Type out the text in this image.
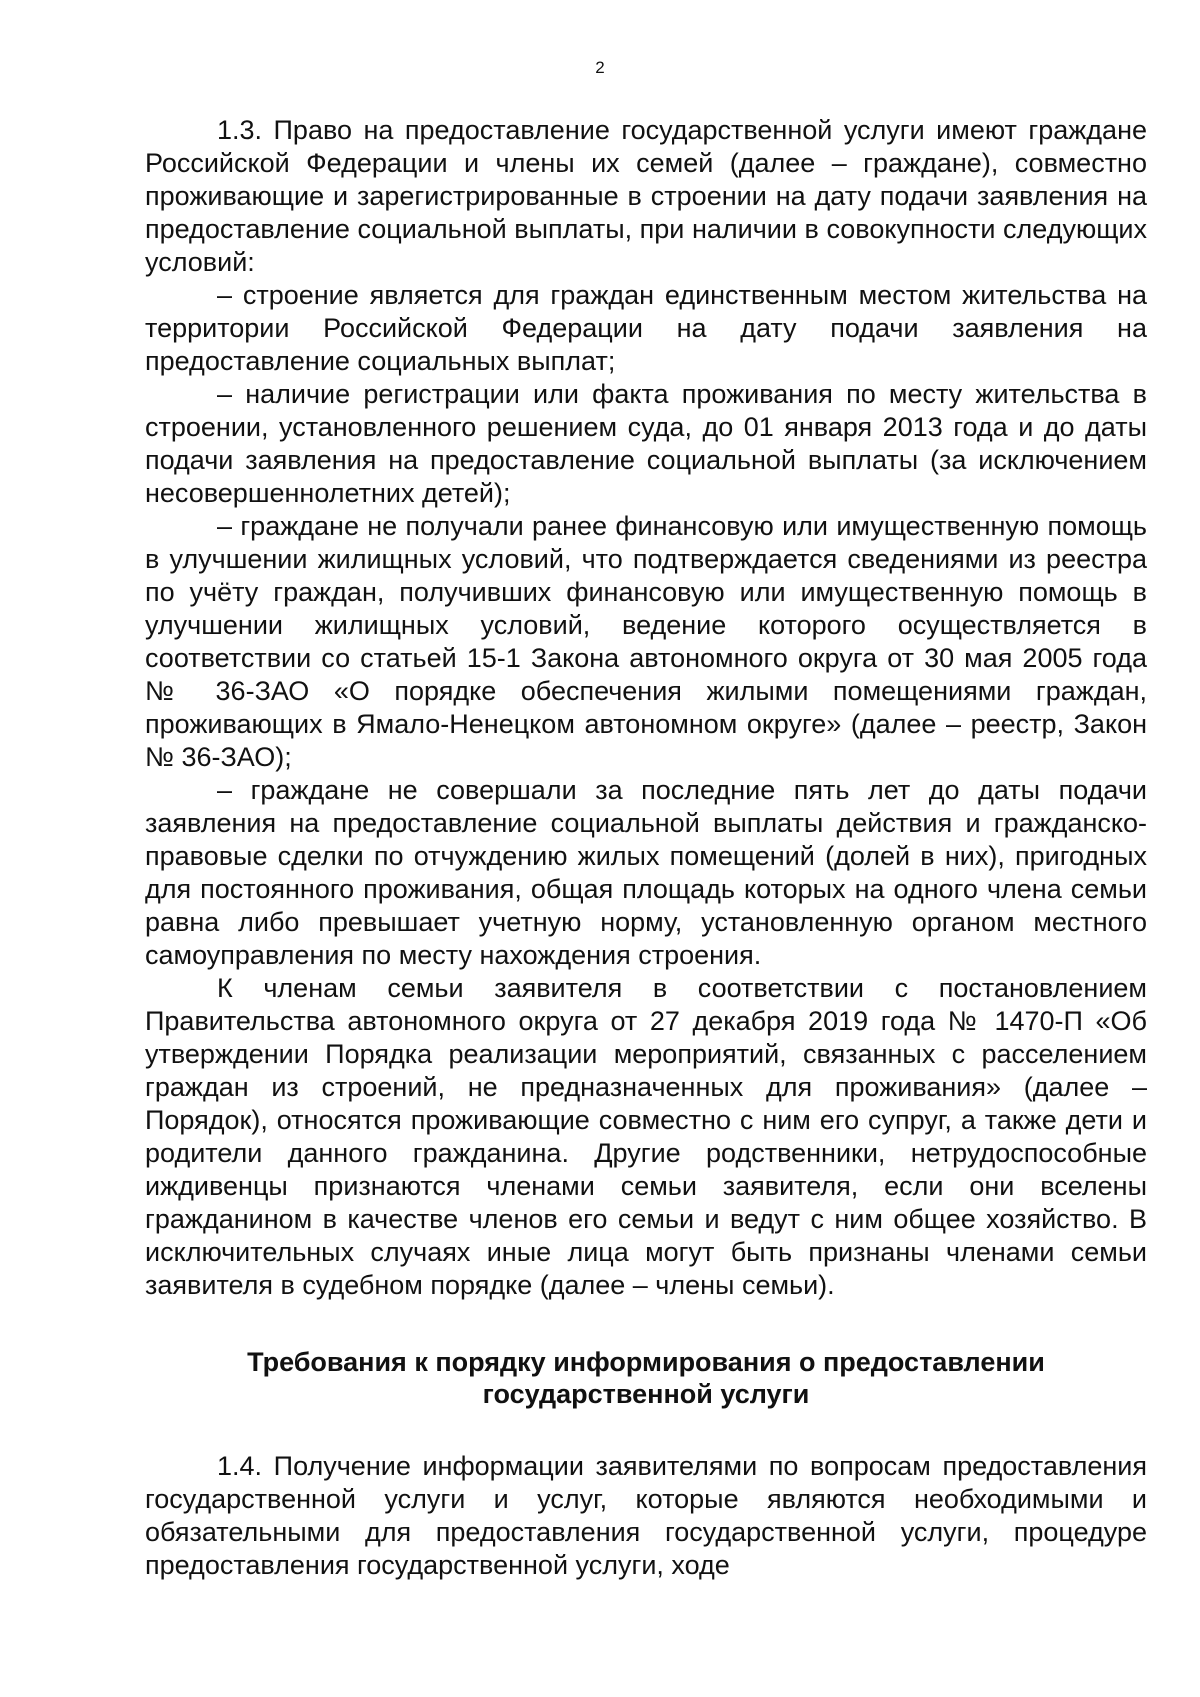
2

1.3. Право на предоставление государственной услуги имеют граждане Российской Федерации и члены их семей (далее – граждане), совместно проживающие и зарегистрированные в строении на дату подачи заявления на предоставление социальной выплаты, при наличии в совокупности следующих условий:

– строение является для граждан единственным местом жительства на территории Российской Федерации на дату подачи заявления на предоставление социальных выплат;

– наличие регистрации или факта проживания по месту жительства в строении, установленного решением суда, до 01 января 2013 года и до даты подачи заявления на предоставление социальной выплаты (за исключением несовершеннолетних детей);

– граждане не получали ранее финансовую или имущественную помощь в улучшении жилищных условий, что подтверждается сведениями из реестра по учёту граждан, получивших финансовую или имущественную помощь в улучшении жилищных условий, ведение которого осуществляется в соответствии со статьей 15-1 Закона автономного округа от 30 мая 2005 года № 36-ЗАО «О порядке обеспечения жилыми помещениями граждан, проживающих в Ямало-Ненецком автономном округе» (далее – реестр, Закон № 36-ЗАО);

– граждане не совершали за последние пять лет до даты подачи заявления на предоставление социальной выплаты действия и гражданско-правовые сделки по отчуждению жилых помещений (долей в них), пригодных для постоянного проживания, общая площадь которых на одного члена семьи равна либо превышает учетную норму, установленную органом местного самоуправления по месту нахождения строения.

К членам семьи заявителя в соответствии с постановлением Правительства автономного округа от 27 декабря 2019 года № 1470-П «Об утверждении Порядка реализации мероприятий, связанных с расселением граждан из строений, не предназначенных для проживания» (далее – Порядок), относятся проживающие совместно с ним его супруг, а также дети и родители данного гражданина. Другие родственники, нетрудоспособные иждивенцы признаются членами семьи заявителя, если они вселены гражданином в качестве членов его семьи и ведут с ним общее хозяйство. В исключительных случаях иные лица могут быть признаны членами семьи заявителя в судебном порядке (далее – члены семьи).

Требования к порядку информирования о предоставлении
государственной услуги

1.4. Получение информации заявителями по вопросам предоставления государственной услуги и услуг, которые являются необходимыми и обязательными для предоставления государственной услуги, процедуре предоставления государственной услуги, ходе
